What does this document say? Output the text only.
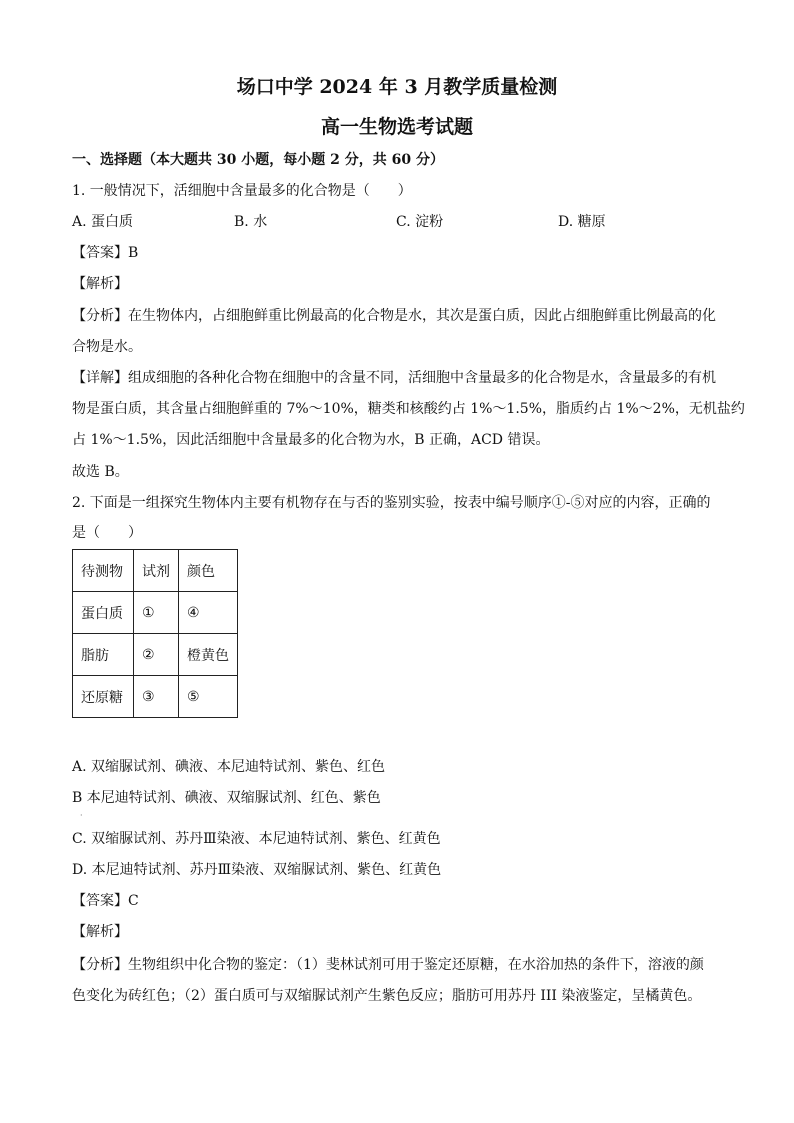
场口中学 2024 年 3 月教学质量检测
高一生物选考试题
一、选择题（本大题共 30 小题，每小题 2 分，共 60 分）
1. 一般情况下，活细胞中含量最多的化合物是（　　）
A. 蛋白质	B. 水	C. 淀粉	D. 糖原
【答案】B
【解析】
【分析】在生物体内，占细胞鲜重比例最高的化合物是水，其次是蛋白质，因此占细胞鲜重比例最高的化
合物是水。
【详解】组成细胞的各种化合物在细胞中的含量不同，活细胞中含量最多的化合物是水，含量最多的有机
物是蛋白质，其含量占细胞鲜重的 7%～10%，糖类和核酸约占 1%～1.5%，脂质约占 1%～2%，无机盐约
占 1%～1.5%，因此活细胞中含量最多的化合物为水，B 正确，ACD 错误。
故选 B。
2. 下面是一组探究生物体内主要有机物存在与否的鉴别实验，按表中编号顺序①-⑤对应的内容，正确的
是（　　）
待测物	试剂	颜色
蛋白质	①	④
脂肪	②	橙黄色
还原糖	③	⑤
A. 双缩脲试剂、碘液、本尼迪特试剂、紫色、红色
B 本尼迪特试剂、碘液、双缩脲试剂、红色、紫色
·
C. 双缩脲试剂、苏丹Ⅲ染液、本尼迪特试剂、紫色、红黄色
D. 本尼迪特试剂、苏丹Ⅲ染液、双缩脲试剂、紫色、红黄色
【答案】C
【解析】
【分析】生物组织中化合物的鉴定：（1）斐林试剂可用于鉴定还原糖，在水浴加热的条件下，溶液的颜
色变化为砖红色；（2）蛋白质可与双缩脲试剂产生紫色反应；脂肪可用苏丹 III 染液鉴定，呈橘黄色。
